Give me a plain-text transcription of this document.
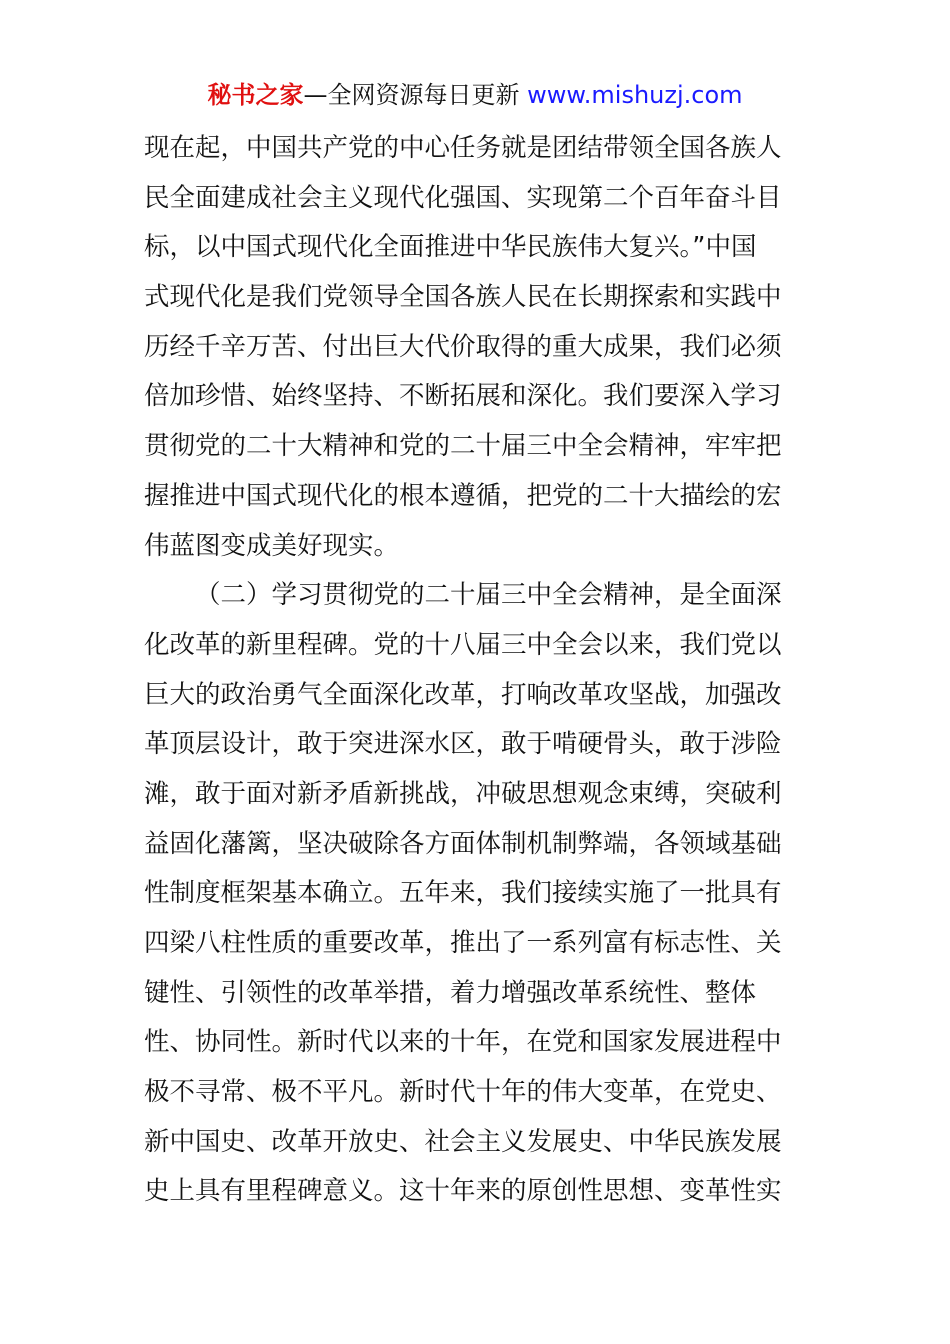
秘书之家—全网资源每日更新 www.mishuzj.com
现在起，中国共产党的中心任务就是团结带领全国各族人
民全面建成社会主义现代化强国、实现第二个百年奋斗目
标，以中国式现代化全面推进中华民族伟大复兴。”中国
式现代化是我们党领导全国各族人民在长期探索和实践中
历经千辛万苦、付出巨大代价取得的重大成果，我们必须
倍加珍惜、始终坚持、不断拓展和深化。我们要深入学习
贯彻党的二十大精神和党的二十届三中全会精神，牢牢把
握推进中国式现代化的根本遵循，把党的二十大描绘的宏
伟蓝图变成美好现实。
（二）学习贯彻党的二十届三中全会精神，是全面深
化改革的新里程碑。党的十八届三中全会以来，我们党以
巨大的政治勇气全面深化改革，打响改革攻坚战，加强改
革顶层设计，敢于突进深水区，敢于啃硬骨头，敢于涉险
滩，敢于面对新矛盾新挑战，冲破思想观念束缚，突破利
益固化藩篱，坚决破除各方面体制机制弊端，各领域基础
性制度框架基本确立。五年来，我们接续实施了一批具有
四梁八柱性质的重要改革，推出了一系列富有标志性、关
键性、引领性的改革举措，着力增强改革系统性、整体
性、协同性。新时代以来的十年，在党和国家发展进程中
极不寻常、极不平凡。新时代十年的伟大变革，在党史、
新中国史、改革开放史、社会主义发展史、中华民族发展
史上具有里程碑意义。这十年来的原创性思想、变革性实
